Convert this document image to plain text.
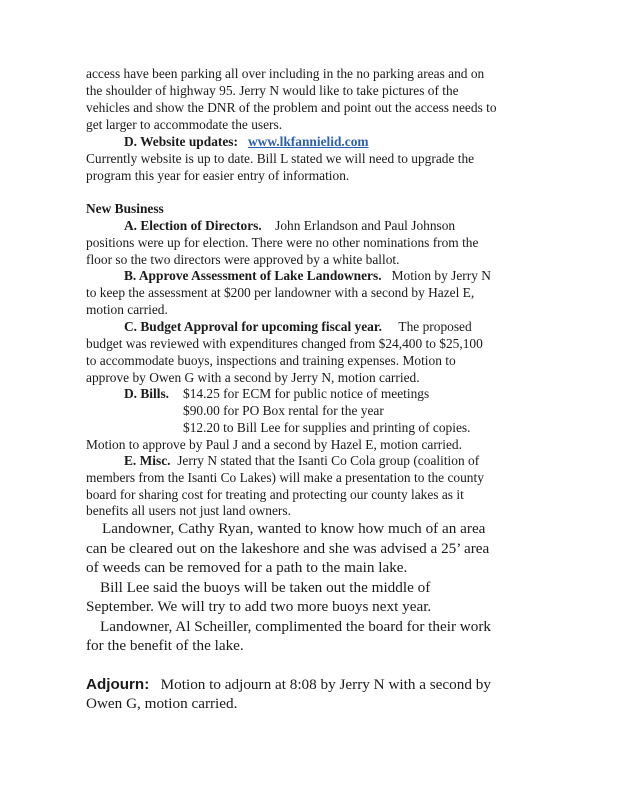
access have been parking all over including in the no parking areas and on

the shoulder of highway 95. Jerry N would like to take pictures of the

vehicles and show the DNR of the problem and point out the access needs to

get larger to accommodate the users.

D. Website updates: www.lkfannielid.com

Currently website is up to date. Bill L stated we will need to upgrade the

program this year for easier entry of information.

New Business

A. Election of Directors. John Erlandson and Paul Johnson

positions were up for election. There were no other nominations from the

floor so the two directors were approved by a white ballot.

B. Approve Assessment of Lake Landowners. Motion by Jerry N

to keep the assessment at $200 per landowner with a second by Hazel E,

motion carried.

C. Budget Approval for upcoming fiscal year. The proposed

budget was reviewed with expenditures changed from $24,400 to $25,100

to accommodate buoys, inspections and training expenses. Motion to

approve by Owen G with a second by Jerry N, motion carried.

D. Bills. $14.25 for ECM for public notice of meetings

$90.00 for PO Box rental for the year

$12.20 to Bill Lee for supplies and printing of copies.

Motion to approve by Paul J and a second by Hazel E, motion carried.

E. Misc. Jerry N stated that the Isanti Co Cola group (coalition of

members from the Isanti Co Lakes) will make a presentation to the county

board for sharing cost for treating and protecting our county lakes as it

benefits all users not just land owners.

Landowner, Cathy Ryan, wanted to know how much of an area

can be cleared out on the lakeshore and she was advised a 25’ area

of weeds can be removed for a path to the main lake.

Bill Lee said the buoys will be taken out the middle of

September. We will try to add two more buoys next year.

Landowner, Al Scheiller, complimented the board for their work

for the benefit of the lake.

Adjourn: Motion to adjourn at 8:08 by Jerry N with a second by

Owen G, motion carried.
